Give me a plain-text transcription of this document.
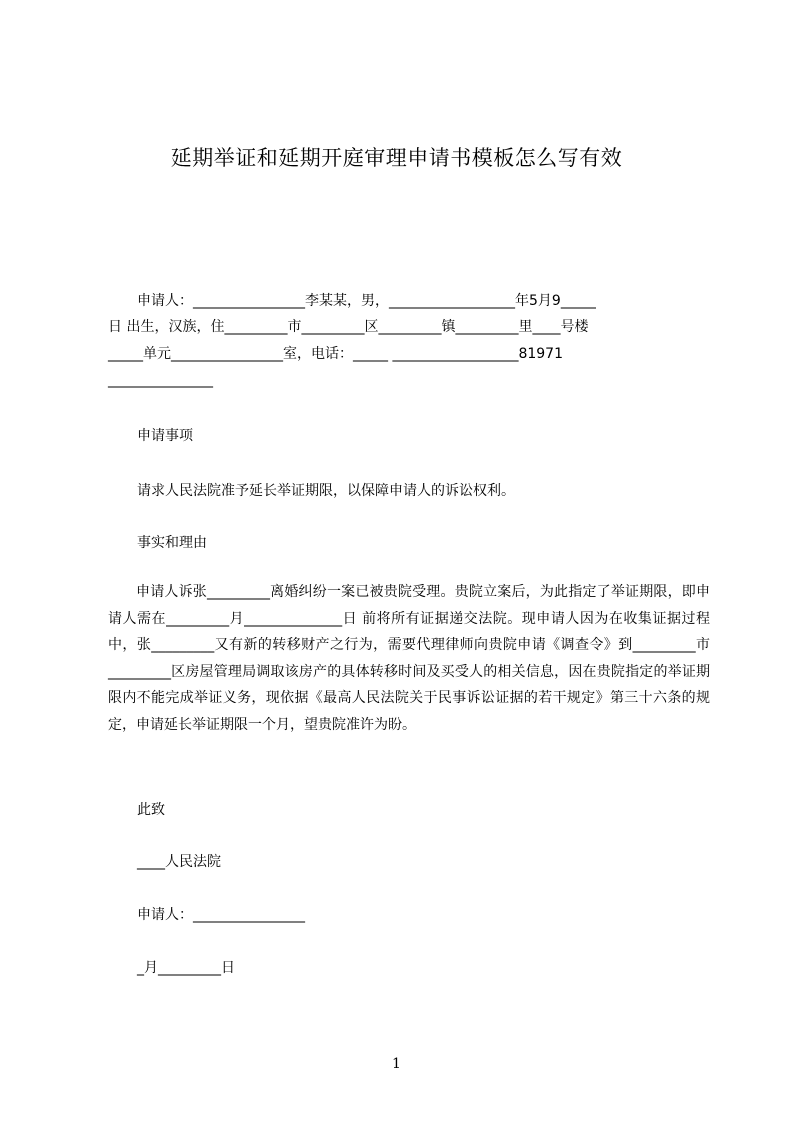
延期举证和延期开庭审理申请书模板怎么写有效
申请人：________________李某某，男，__________________年5月9_____
日 出生，汉族，住_________市_________区_________镇_________里____号楼
_____单元________________室，电话：_____ __________________81971
_______________
申请事项
请求人民法院准予延长举证期限，以保障申请人的诉讼权利。
事实和理由

申请人诉张_________离婚纠纷一案已被贵院受理。贵院立案后，为此指定了举证期限，即申请人需在_________月______________日 前将所有证据递交法院。现申请人因为在收集证据过程中，张_________又有新的转移财产之行为，需要代理律师向贵院申请《调查令》到_________市_________区房屋管理局调取该房产的具体转移时间及买受人的相关信息，因在贵院指定的举证期限内不能完成举证义务，现依据《最高人民法院关于民事诉讼证据的若干规定》第三十六条的规定，申请延长举证期限一个月，望贵院准许为盼。

此致
____人民法院
申请人：________________
_月_________日
1
